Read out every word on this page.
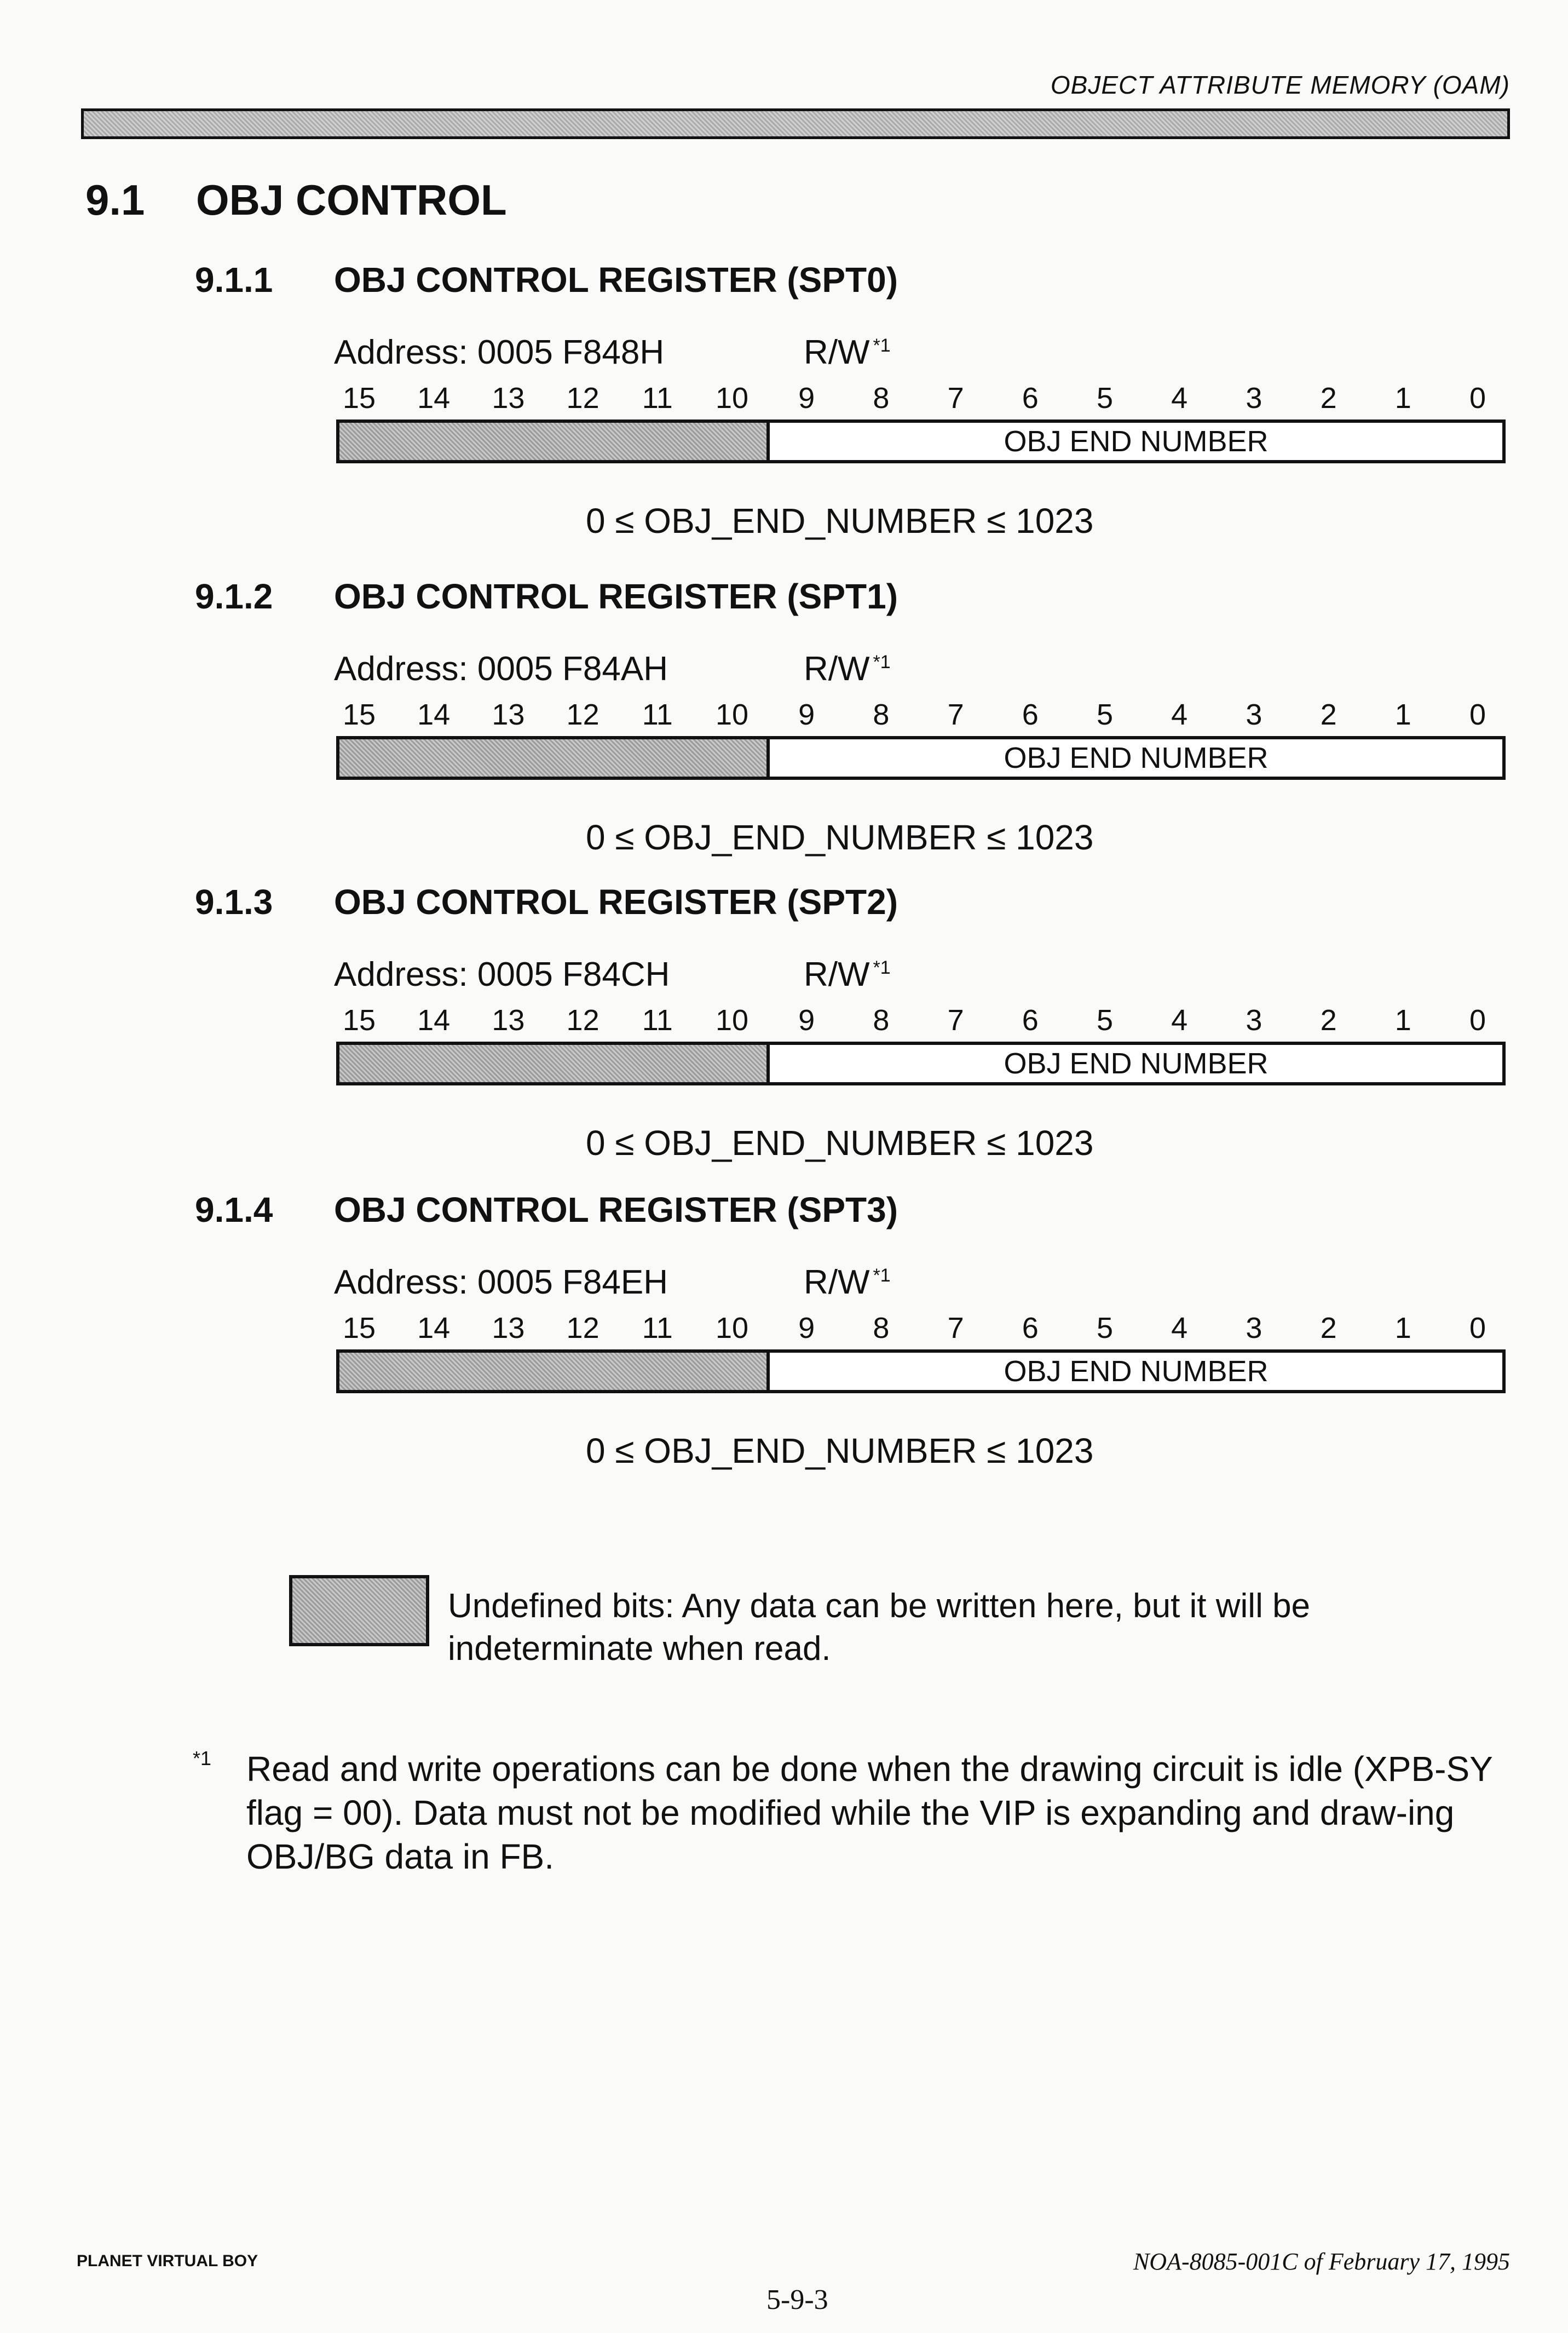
OBJECT ATTRIBUTE MEMORY (OAM)
9.1 OBJ CONTROL
9.1.1 OBJ CONTROL REGISTER (SPT0)
Address: 0005 F848H	R/W $^{*1}$
15 14 13 12 11 10	9	8	7	6	5	4	3	2	1	0
OBJ END NUMBER
0 ≤ OBJ_END_NUMBER ≤ 1023
9.1.2 OBJ CONTROL REGISTER (SPT1)
Address: 0005 F84AH	R/W $^{*1}$
15 14 13 12 11 10	9	8	7	6	5	4	3	2	1	0
OBJ END NUMBER
0 ≤ OBJ_END_NUMBER ≤ 1023
9.1.3 OBJ CONTROL REGISTER (SPT2)
Address: 0005 F84CH	R/W $^{*1}$
15 14 13 12 11 10	9	8	7	6	5	4	3	2	1	0
OBJ END NUMBER
0 ≤ OBJ_END_NUMBER ≤ 1023
9.1.4 OBJ CONTROL REGISTER (SPT3)
Address: 0005 F84EH	R/W $^{*1}$
15 14 13 12 11 10	9	8	7	6	5	4	3	2	1	0
OBJ END NUMBER
0 ≤ OBJ_END_NUMBER ≤ 1023
Undefined bits: Any data can be written here, but it will be indeterminate when read.
*1 Read and write operations can be done when the drawing circuit is idle (XPB-SY flag = 00). Data must not be modified while the VIP is expanding and draw-ing OBJ/BG data in FB.
PLANET VIRTUAL BOY	NOA-8085-001C of February 17, 1995
5-9-3
